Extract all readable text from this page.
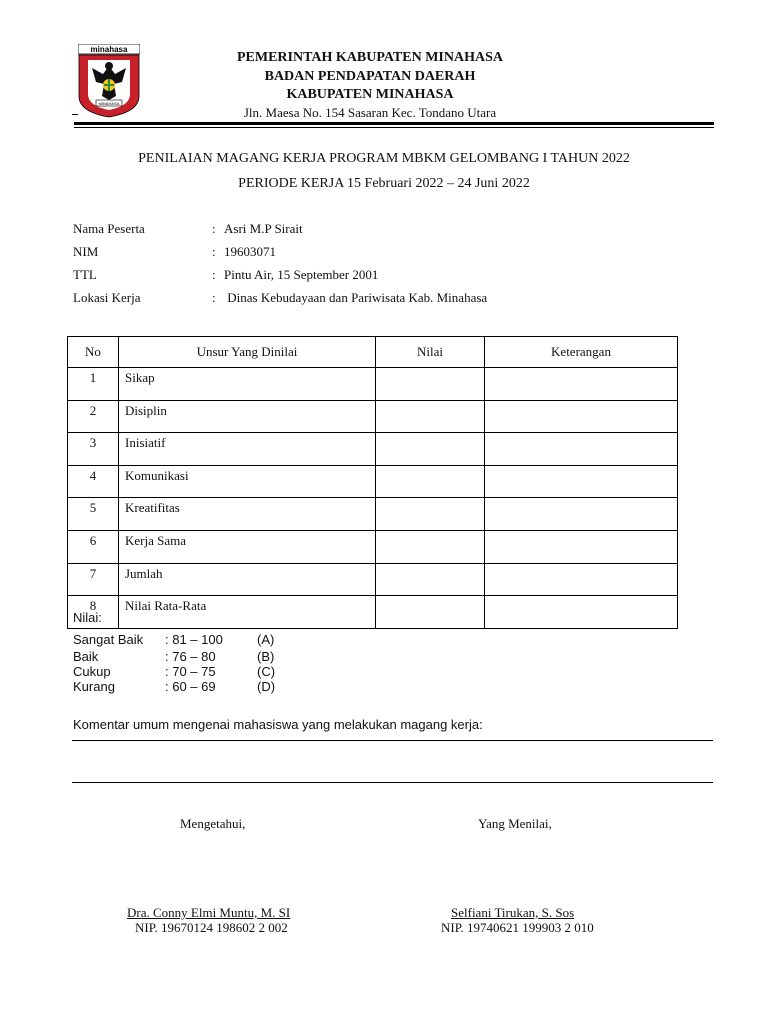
minahasa
MINAHASA
PEMERINTAH KABUPATEN MINAHASA
BADAN PENDAPATAN DAERAH
KABUPATEN MINAHASA
Jln. Maesa No. 154 Sasaran Kec. Tondano Utara
PENILAIAN MAGANG KERJA PROGRAM MBKM GELOMBANG I TAHUN 2022
PERIODE KERJA 15 Februari 2022 – 24 Juni 2022
Nama Peserta	: Asri M.P Sirait
NIM	: 19603071
TTL	: Pintu Air, 15 September 2001
Lokasi Kerja	: Dinas Kebudayaan dan Pariwisata Kab. Minahasa
No	Unsur Yang Dinilai	Nilai	Keterangan
1	Sikap		
2	Disiplin		
3	Inisiatif		
4	Komunikasi		
5	Kreatifitas		
6	Kerja Sama		
7	Jumlah		
8	Nilai Rata-Rata		
Nilai:
Sangat Baik : 81 – 100	(A)
Baik	: 76 – 80	(B)
Cukup	: 70 – 75	(C)
Kurang	: 60 – 69	(D)
Komentar umum mengenai mahasiswa yang melakukan magang kerja:
Mengetahui,	Yang Menilai,
Dra. Conny Elmi Muntu, M. SI
NIP. 19670124 198602 2 002
Selfiani Tirukan, S. Sos
NIP. 19740621 199903 2 010
